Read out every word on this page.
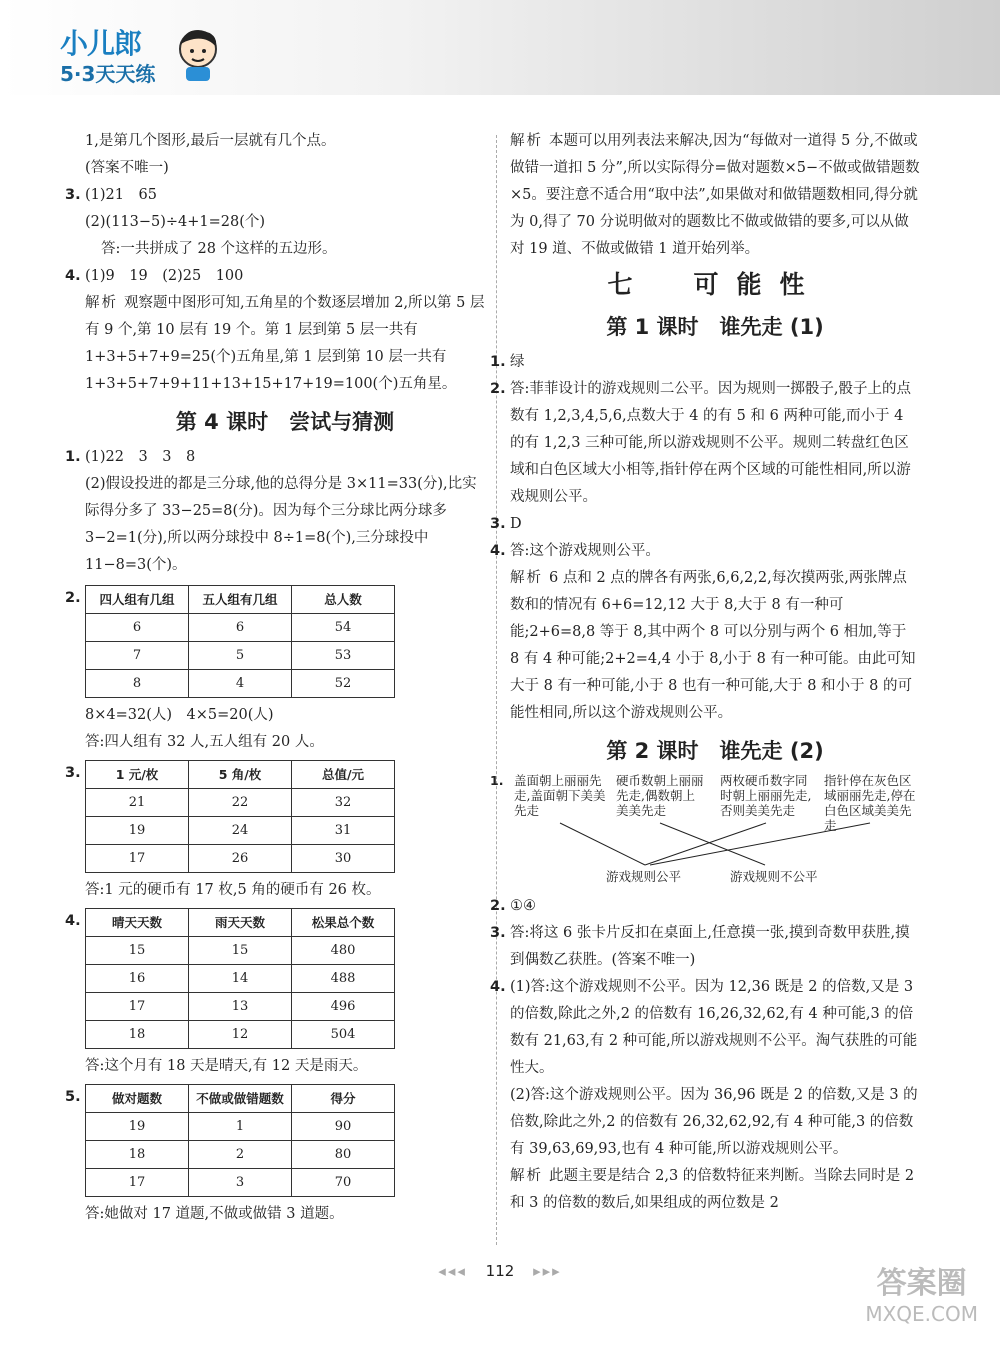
小儿郎
5·3天天练

1,是第几个图形,最后一层就有几个点。

(答案不唯一)

3. (1)21　65

(2)(113−5)÷4+1=28(个)

答:一共拼成了 28 个这样的五边形。

4. (1)9　19　(2)25　100

解析 观察题中图形可知,五角星的个数逐层增加 2,所以第 5 层有 9 个,第 10 层有 19 个。第 1 层到第 5 层一共有 1+3+5+7+9=25(个)五角星,第 1 层到第 10 层一共有 1+3+5+7+9+11+13+15+17+19=100(个)五角星。

第 4 课时　尝试与猜测

1. (1)22　3　3　8

(2)假设投进的都是三分球,他的总得分是 3×11=33(分),比实际得分多了 33−25=8(分)。因为每个三分球比两分球多 3−2=1(分),所以两分球投中 8÷1=8(个),三分球投中 11−8=3(个)。

2.	四人组有几组	五人组有几组	总人数
6	6	54
7	5	53
8	4	52

8×4=32(人)　4×5=20(人)

答:四人组有 32 人,五人组有 20 人。

3.	1 元/枚	5 角/枚	总值/元
21	22	32
19	24	31
17	26	30

答:1 元的硬币有 17 枚,5 角的硬币有 26 枚。

4.	晴天天数	雨天天数	松果总个数
15	15	480
16	14	488
17	13	496
18	12	504

答:这个月有 18 天是晴天,有 12 天是雨天。

5.	做对题数	不做或做错题数	得分
19	1	90
18	2	80
17	3	70

答:她做对 17 道题,不做或做错 3 道题。

解析 本题可以用列表法来解决,因为“每做对一道得 5 分,不做或做错一道扣 5 分”,所以实际得分=做对题数×5−不做或做错题数×5。要注意不适合用“取中法”,如果做对和做错题数相同,得分就为 0,得了 70 分说明做对的题数比不做或做错的要多,可以从做对 19 道、不做或做错 1 道开始列举。

七　可能性
第 1 课时　谁先走 (1)

1. 绿

2. 答:菲菲设计的游戏规则二公平。因为规则一掷骰子,骰子上的点数有 1,2,3,4,5,6,点数大于 4 的有 5 和 6 两种可能,而小于 4 的有 1,2,3 三种可能,所以游戏规则不公平。规则二转盘红色区域和白色区域大小相等,指针停在两个区域的可能性相同,所以游戏规则公平。

3. D

4. 答:这个游戏规则公平。

解析 6 点和 2 点的牌各有两张,6,6,2,2,每次摸两张,两张牌点数和的情况有 6+6=12,12 大于 8,大于 8 有一种可能;2+6=8,8 等于 8,其中两个 8 可以分别与两个 6 相加,等于 8 有 4 种可能;2+2=4,4 小于 8,小于 8 有一种可能。由此可知大于 8 有一种可能,小于 8 也有一种可能,大于 8 和小于 8 的可能性相同,所以这个游戏规则公平。

第 2 课时　谁先走 (2)
1. 盖面朝上丽丽先走,盖面朝下美美先走
硬币数朝上丽丽先走,偶数朝上美美先走
两枚硬币数字同时朝上丽丽先走,否则美美先走
指针停在灰色区域丽丽先走,停在白色区域美美先走
游戏规则公平	游戏规则不公平

2. ①④

3. 答:将这 6 张卡片反扣在桌面上,任意摸一张,摸到奇数甲获胜,摸到偶数乙获胜。(答案不唯一)

4. (1)答:这个游戏规则不公平。因为 12,36 既是 2 的倍数,又是 3 的倍数,除此之外,2 的倍数有 16,26,32,62,有 4 种可能,3 的倍数有 21,63,有 2 种可能,所以游戏规则不公平。淘气获胜的可能性大。

(2)答:这个游戏规则公平。因为 36,96 既是 2 的倍数,又是 3 的倍数,除此之外,2 的倍数有 26,32,62,92,有 4 种可能,3 的倍数有 39,63,69,93,也有 4 种可能,所以游戏规则公平。

解析 此题主要是结合 2,3 的倍数特征来判断。当除去同时是 2 和 3 的倍数的数后,如果组成的两位数是 2

◂◂◂ 112 ▸▸▸	答案圈
MXQE.COM
